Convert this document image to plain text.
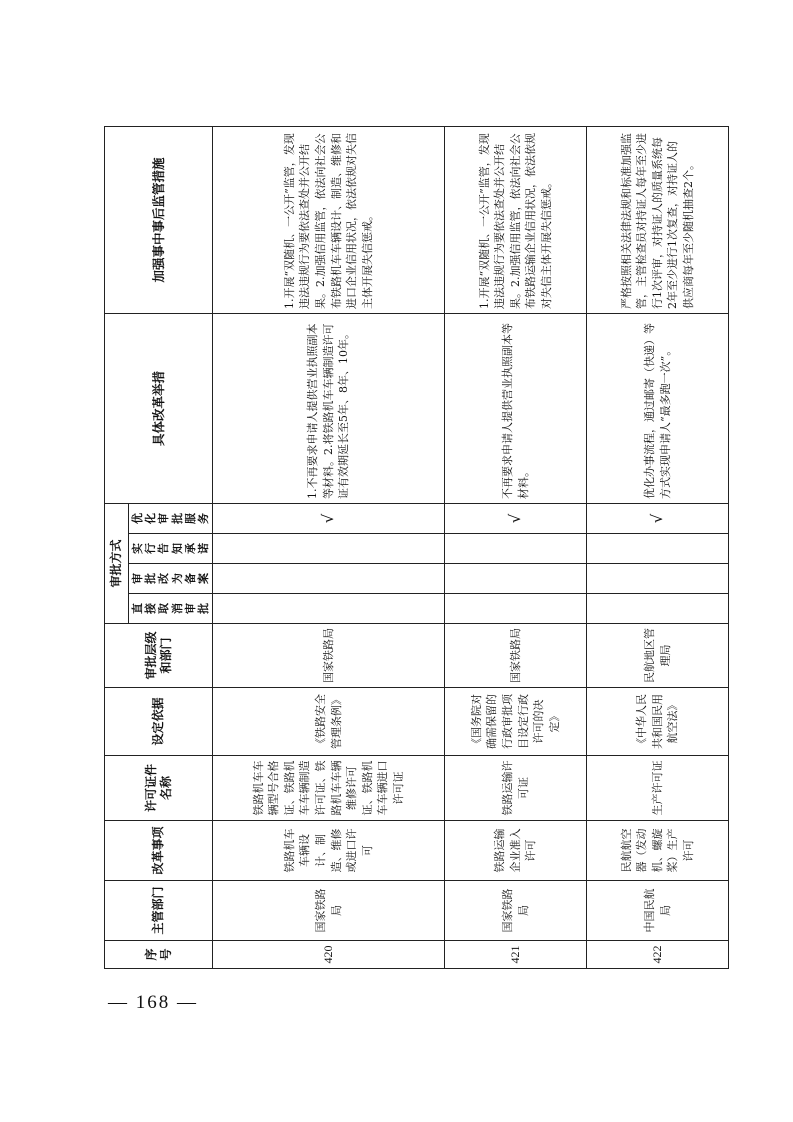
— 168 —
序号	主管部门	改革事项	许可证件名称	设定依据	审批层级和部门	审批方式				具体改革举措	加强事中事后监管措施
						直接取消审批	审批改为备案	实行告知承诺	优化审批服务		
420	国家铁路局	铁路机车车辆设计、制造、维修或进口许可	铁路机车车辆型号合格证、铁路机车车辆制造许可证、铁路机车车辆维修许可证、铁路机车车辆进口许可证	《铁路安全管理条例》	国家铁路局				√	1.不再要求申请人提供营业执照副本等材料。2.将铁路机车车辆制造许可证有效期延长至5年、8年、10年。	1.开展“双随机、一公开”监管，发现违法违规行为要依法查处并公开结果。2.加强信用监管，依法向社会公布铁路机车车辆设计、制造、维修和进口企业信用状况，依法依规对失信主体开展失信惩戒。
421	国家铁路局	铁路运输企业准入许可	铁路运输许可证	《国务院对确需保留的行政审批项目设定行政许可的决定》	国家铁路局				√	不再要求申请人提供营业执照副本等材料。	1.开展“双随机、一公开”监管，发现违法违规行为要依法查处并公开结果。2.加强信用监管，依法向社会公布铁路运输企业信用状况，依法依规对失信主体开展失信惩戒。
422	中国民航局	民航航空器（发动机、螺旋桨）生产许可	生产许可证	《中华人民共和国民用航空法》	民航地区管理局				√	优化办事流程，通过邮寄（快递）等方式实现申请人“最多跑一次”。	严格按照相关法律法规和标准加强监管，主管检查员对持证人每年至少进行1次评审，对持证人的质量系统每2年至少进行1次复查，对持证人的供应商每年至少随机抽查2个。
